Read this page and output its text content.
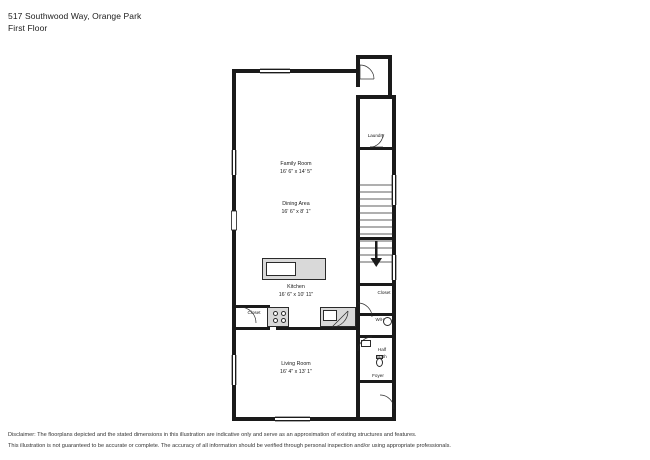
517 Southwood Way, Orange Park
First Floor
Family Room
16' 6" x 14' 5"
Dining Area
16' 6" x 8' 1"
Kitchen
16' 6" x 10' 11"
Living Room
16' 4" x 13' 1"
Laundry
Closet
W/H
Half
Bath
Closet
Foyer
Disclaimer: The floorplans depicted and the stated dimensions in this illustration are indicative only and serve as an approximation of existing structures and features.
This illustration is not guaranteed to be accurate or complete. The accuracy of all information should be verified through personal inspection and/or using appropriate professionals.
